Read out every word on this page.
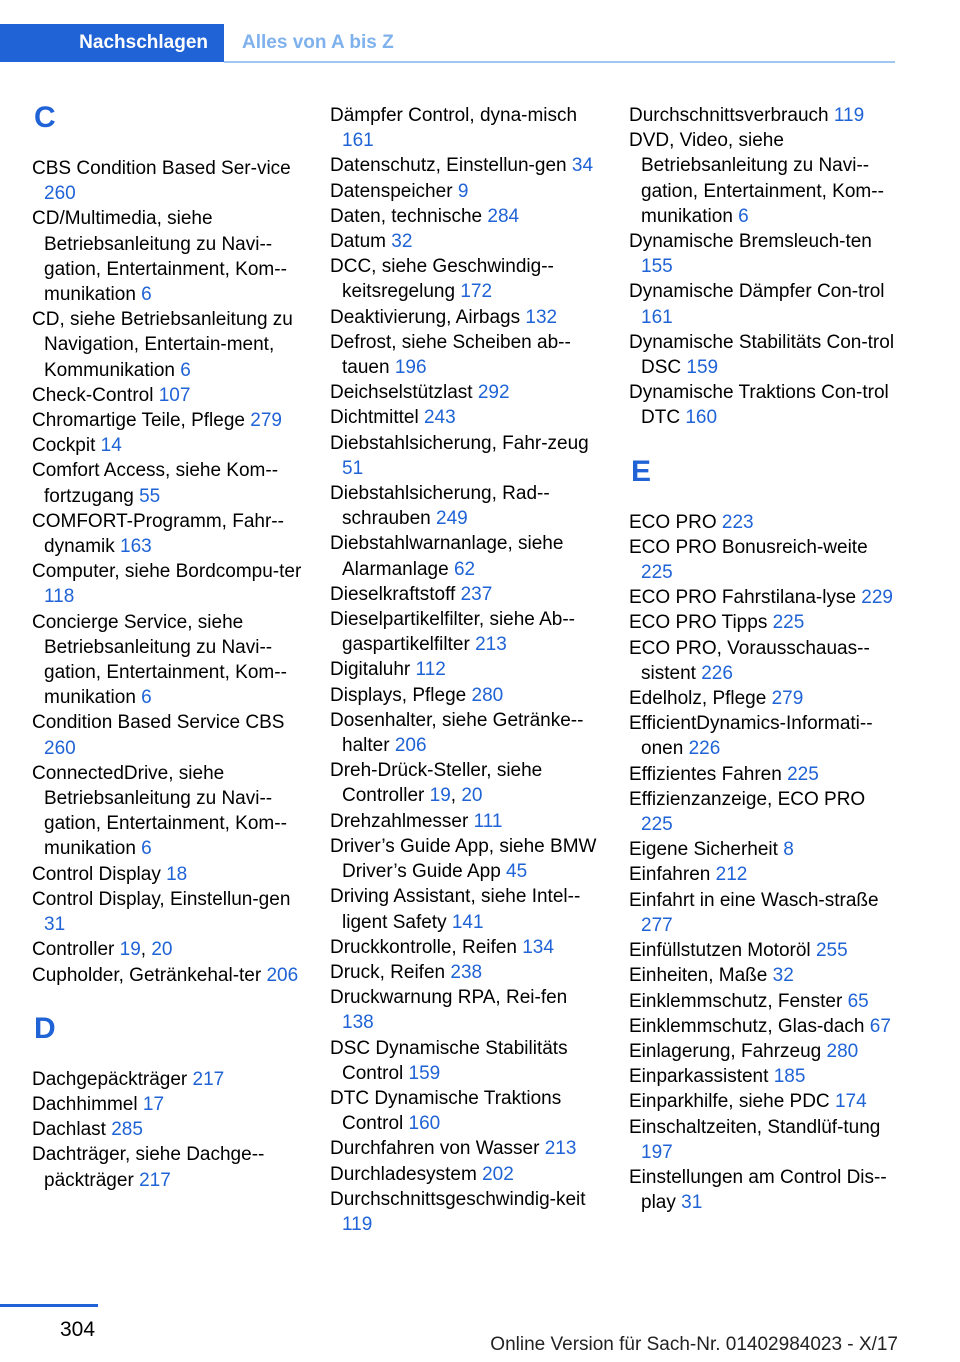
Nachschlagen Alles von A bis Z
C
CBS Condition Based Ser-vice 260
CD/Multimedia, siehe Betriebsanleitung zu Navi-gation, Entertainment, Kom-munikation 6
CD, siehe Betriebsanleitung zu Navigation, Entertain-ment, Kommunikation 6
Check-Control 107
Chromartige Teile, Pflege 279
Cockpit 14
Comfort Access, siehe Kom-fortzugang 55
COMFORT-Programm, Fahr-dynamik 163
Computer, siehe Bordcompu-ter 118
Concierge Service, siehe Betriebsanleitung zu Navi-gation, Entertainment, Kom-munikation 6
Condition Based Service CBS 260
ConnectedDrive, siehe Betriebsanleitung zu Navi-gation, Entertainment, Kom-munikation 6
Control Display 18
Control Display, Einstellun-gen 31
Controller 19, 20
Cupholder, Getränkehal-ter 206
D
Dachgepäckträger 217
Dachhimmel 17
Dachlast 285
Dachträger, siehe Dachge-päckträger 217
Dämpfer Control, dyna-misch 161
Datenschutz, Einstellun-gen 34
Datenspeicher 9
Daten, technische 284
Datum 32
DCC, siehe Geschwindig-keitsregelung 172
Deaktivierung, Airbags 132
Defrost, siehe Scheiben ab-tauen 196
Deichselstützlast 292
Dichtmittel 243
Diebstahlsicherung, Fahr-zeug 51
Diebstahlsicherung, Rad-schrauben 249
Diebstahlwarnanlage, siehe Alarmanlage 62
Dieselkraftstoff 237
Dieselpartikelfilter, siehe Ab-gaspartikelfilter 213
Digitaluhr 112
Displays, Pflege 280
Dosenhalter, siehe Getränke-halter 206
Dreh-Drück-Steller, siehe Controller 19, 20
Drehzahlmesser 111
Driver’s Guide App, siehe BMW Driver’s Guide App 45
Driving Assistant, siehe Intel-ligent Safety 141
Druckkontrolle, Reifen 134
Druck, Reifen 238
Druckwarnung RPA, Rei-fen 138
DSC Dynamische Stabilitäts Control 159
DTC Dynamische Traktions Control 160
Durchfahren von Wasser 213
Durchladesystem 202
Durchschnittsgeschwindig-keit 119
Durchschnittsverbrauch 119
DVD, Video, siehe Betriebsanleitung zu Navi-gation, Entertainment, Kom-munikation 6
Dynamische Bremsleuch-ten 155
Dynamische Dämpfer Con-trol 161
Dynamische Stabilitäts Con-trol DSC 159
Dynamische Traktions Con-trol DTC 160
E
ECO PRO 223
ECO PRO Bonusreich-weite 225
ECO PRO Fahrstilana-lyse 229
ECO PRO Tipps 225
ECO PRO, Vorausschauas-sistent 226
Edelholz, Pflege 279
EfficientDynamics-Informati-onen 226
Effizientes Fahren 225
Effizienzanzeige, ECO PRO 225
Eigene Sicherheit 8
Einfahren 212
Einfahrt in eine Wasch-straße 277
Einfüllstutzen Motoröl 255
Einheiten, Maße 32
Einklemmschutz, Fenster 65
Einklemmschutz, Glas-dach 67
Einlagerung, Fahrzeug 280
Einparkassistent 185
Einparkhilfe, siehe PDC 174
Einschaltzeiten, Standlüf-tung 197
Einstellungen am Control Dis-play 31
304
Online Version für Sach-Nr. 01402984023 - X/17
